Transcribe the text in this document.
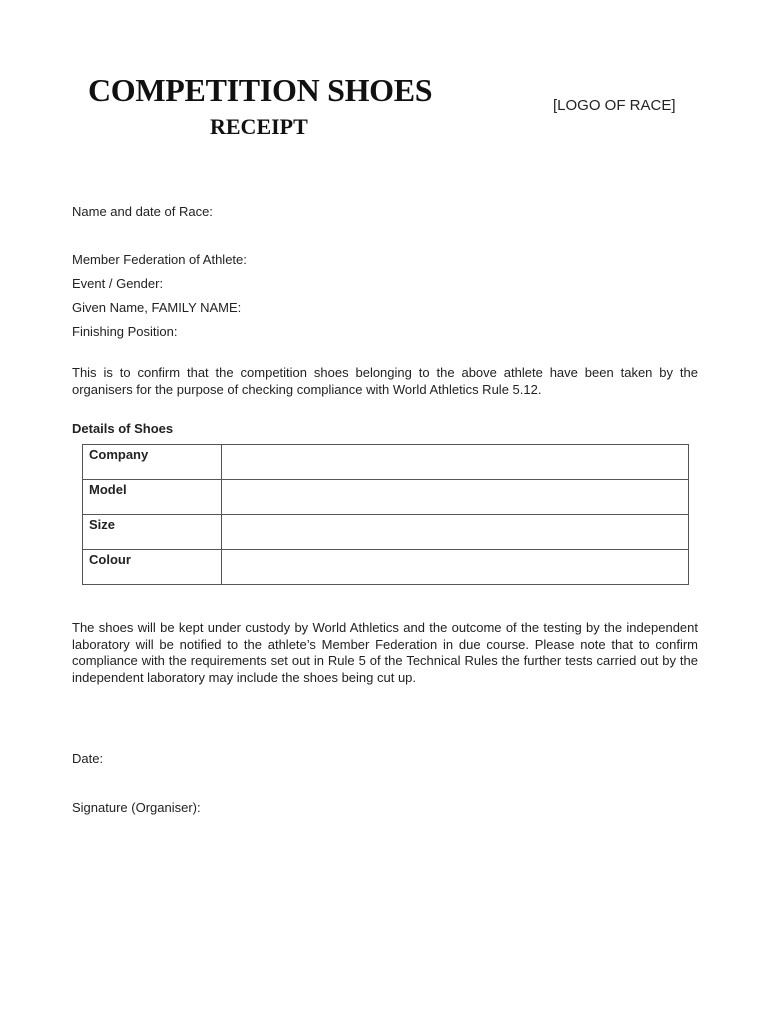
COMPETITION SHOES
RECEIPT
[LOGO OF RACE]
Name and date of Race:
Member Federation of Athlete:
Event / Gender:
Given Name, FAMILY NAME:
Finishing Position:
This is to confirm that the competition shoes belonging to the above athlete have been taken by the organisers for the purpose of checking compliance with World Athletics Rule 5.12.
Details of Shoes
Company	
Model	
Size	
Colour	
The shoes will be kept under custody by World Athletics and the outcome of the testing by the independent laboratory will be notified to the athlete’s Member Federation in due course. Please note that to confirm compliance with the requirements set out in Rule 5 of the Technical Rules the further tests carried out by the independent laboratory may include the shoes being cut up.
Date:
Signature (Organiser):
